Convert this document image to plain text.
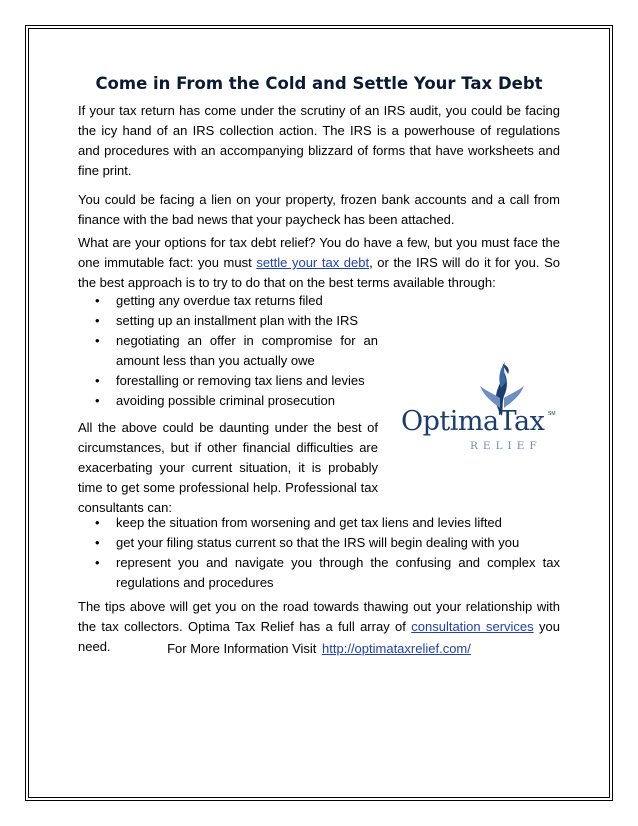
Come in From the Cold and Settle Your Tax Debt

If your tax return has come under the scrutiny of an IRS audit, you could be facing the icy hand of an IRS collection action. The IRS is a powerhouse of regulations and procedures with an accompanying blizzard of forms that have worksheets and fine print.

You could be facing a lien on your property, frozen bank accounts and a call from finance with the bad news that your paycheck has been attached.

What are your options for tax debt relief? You do have a few, but you must face the one immutable fact: you must settle your tax debt, or the IRS will do it for you. So the best approach is to try to do that on the best terms available through:

• getting any overdue tax returns filed
• setting up an installment plan with the IRS
• negotiating an offer in compromise for an amount less than you actually owe
• forestalling or removing tax liens and levies
• avoiding possible criminal prosecution
OptimaTax SM
RELIEF

All the above could be daunting under the best of circumstances, but if other financial difficulties are exacerbating your current situation, it is probably time to get some professional help. Professional tax consultants can:

• keep the situation from worsening and get tax liens and levies lifted
• get your filing status current so that the IRS will begin dealing with you
• represent you and navigate you through the confusing and complex tax regulations and procedures

The tips above will get you on the road towards thawing out your relationship with the tax collectors. Optima Tax Relief has a full array of consultation services you need.	For More Information Visit http://optimataxrelief.com/
